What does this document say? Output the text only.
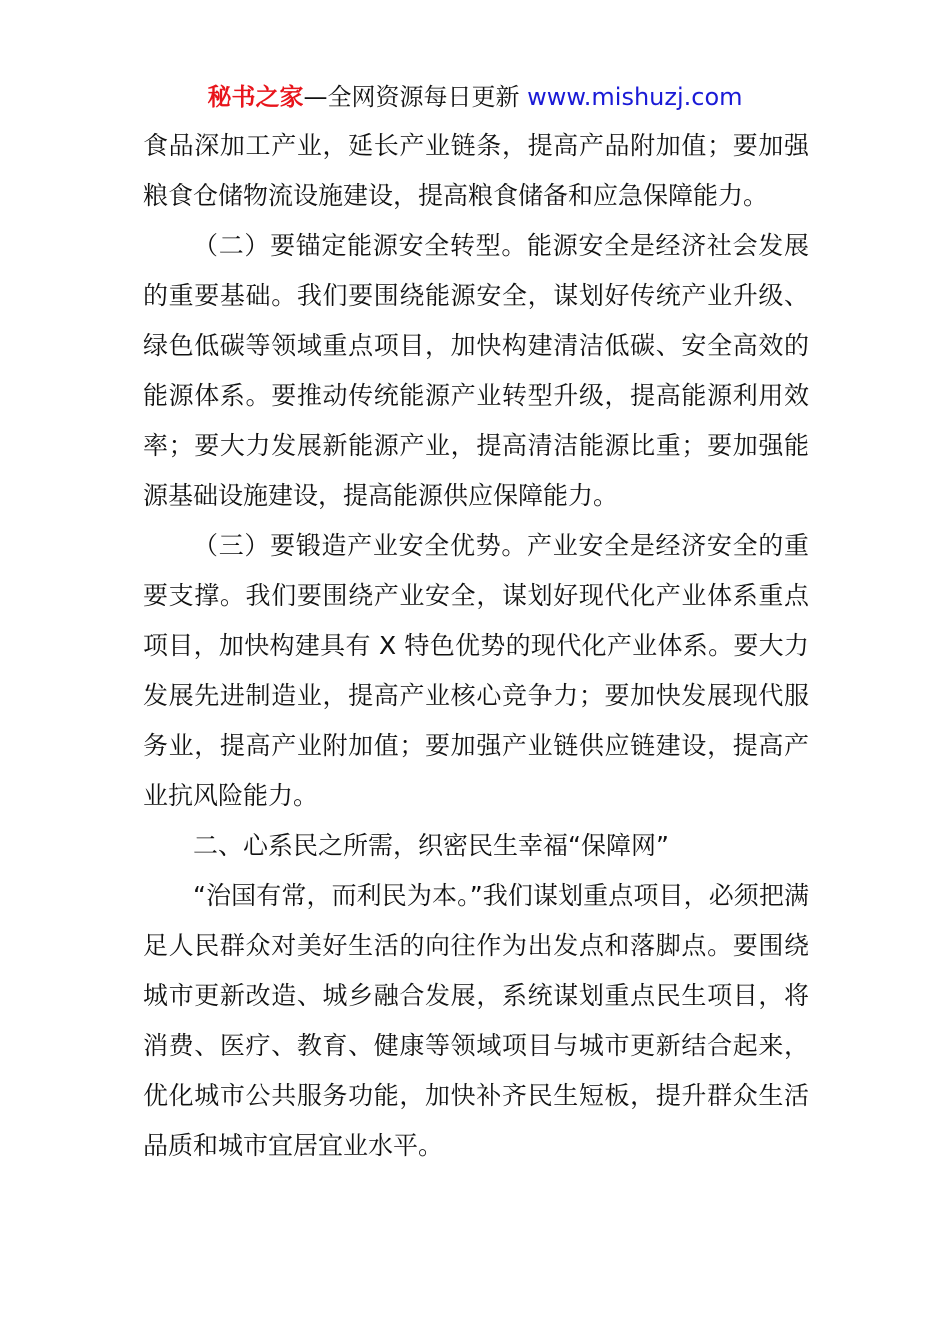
秘书之家—全网资源每日更新 www.mishuzj.com

食品深加工产业，延长产业链条，提高产品附加值；要加强粮食仓储物流设施建设，提高粮食储备和应急保障能力。

（二）要锚定能源安全转型。能源安全是经济社会发展的重要基础。我们要围绕能源安全，谋划好传统产业升级、绿色低碳等领域重点项目，加快构建清洁低碳、安全高效的能源体系。要推动传统能源产业转型升级，提高能源利用效率；要大力发展新能源产业，提高清洁能源比重；要加强能源基础设施建设，提高能源供应保障能力。

（三）要锻造产业安全优势。产业安全是经济安全的重要支撑。我们要围绕产业安全，谋划好现代化产业体系重点项目，加快构建具有 X 特色优势的现代化产业体系。要大力发展先进制造业，提高产业核心竞争力；要加快发展现代服务业，提高产业附加值；要加强产业链供应链建设，提高产业抗风险能力。

二、心系民之所需，织密民生幸福“保障网”

“治国有常，而利民为本。”我们谋划重点项目，必须把满足人民群众对美好生活的向往作为出发点和落脚点。要围绕城市更新改造、城乡融合发展，系统谋划重点民生项目，将消费、医疗、教育、健康等领域项目与城市更新结合起来，优化城市公共服务功能，加快补齐民生短板，提升群众生活品质和城市宜居宜业水平。
